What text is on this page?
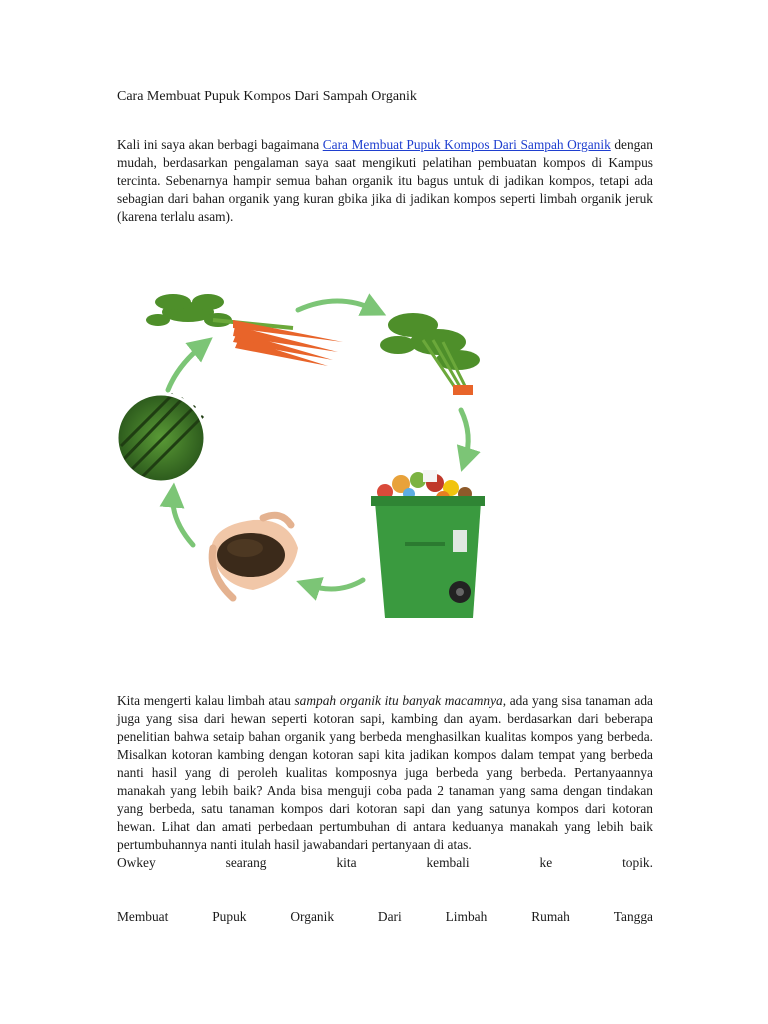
Cara Membuat Pupuk Kompos Dari Sampah Organik
Kali ini saya akan berbagi bagaimana Cara Membuat Pupuk Kompos Dari Sampah Organik dengan mudah, berdasarkan pengalaman saya saat mengikuti pelatihan pembuatan kompos di Kampus tercinta. Sebenarnya hampir semua bahan organik itu bagus untuk di jadikan kompos, tetapi ada sebagian dari bahan organik yang kuran gbika jika di jadikan kompos seperti limbah organik jeruk (karena terlalu asam).
Kita mengerti kalau limbah atau sampah organik itu banyak macamnya, ada yang sisa tanaman ada juga yang sisa dari hewan seperti kotoran sapi, kambing dan ayam. berdasarkan dari beberapa penelitian bahwa setaip bahan organik yang berbeda menghasilkan kualitas kompos yang berbeda. Misalkan kotoran kambing dengan kotoran sapi kita jadikan kompos dalam tempat yang berbeda nanti hasil yang di peroleh kualitas komposnya juga berbeda yang berbeda. Pertanyaannya manakah yang lebih baik? Anda bisa menguji coba pada 2 tanaman yang sama dengan tindakan yang berbeda, satu tanaman kompos dari kotoran sapi dan yang satunya kompos dari kotoran hewan. Lihat dan amati perbedaan pertumbuhan di antara keduanya manakah yang lebih baik pertumbuhannya nanti itulah hasil jawabandari pertanyaan di atas.
Owkey	searang	kita	kembali	ke	topik.
Membuat	Pupuk	Organik	Dari	Limbah	Rumah	Tangga
